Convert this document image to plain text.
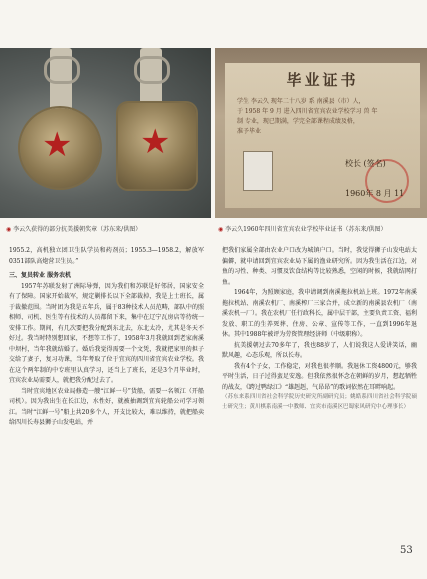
★ ★
毕业证书
学生 李云久 现年二十八岁 系 南溪县（市）人，
于 1958 年 9 月 进入四川省宜宾农业学校学习 兽 年
制 专业，现已期满，学完全部课程成绩及格，
准予毕业
校长 (签名)
1960年 8 月 11
◉ 李云久获得的部分抗美援朝奖章（苏东来/供图）	◉ 李云久1960年四川省宜宾农业学校毕业证书（苏东来/供图）

1955.2，高机独立团卫生队学员和药剂员；1955.3—1958.2，解放军0351部队高炮营卫生员。”

三、复员转业 服务农机

1957年苏联发射了洲际导弹，因为我们和苏联是好邻居，国家安全有了保障。国家开始裁军，规定剿排长以下全部裁掉，我是上士班长，属于裁撤范围。当时团为我是五年兵，属于83种技术人员范畴，部队中的照相师、司机、医生等有技术的人员都留下来，集中在辽宁瓦房店等待统一安排工作。期间，有几次要把我分配到东北去，东北太冷，尤其是冬天不好过。我当时特别想回家，不想等工作了，1958年3月我就回到老家南溪中坝村，当年我就结婚了。婚后我觉得需要一个文凭，我就把家里的担子交给了妻子，复习功课，当年考取了位于宜宾的四川省宜宾农业学校。我在这个两年制的中专班里认真学习，还当上了班长，还是3个月毕业时，宜宾农业局需要人，就把我分配过去了。

当时宜宾地区农业局修造一艘“江鲜一号”货船，需要一名领江（开船司机）。因为我出生在长江边，水性好，就被抽调到宜宾轮船公司学习领江。当时“江鲜一号”船上共20多个人，开支比较大，难以维持，就把船卖给四川长寿县狮子山发电站，并

把我们家属全部由农业户口改为城镇户口。当时，我觉得狮子山发电站太偏僻，就申请回到宜宾农业局下属的渔业研究所。因为我生活在江边，对鱼的习性、种类、习惯及饮食结构等比较熟悉，空闲的时候，我就结网打鱼。

1964年，为照顾家庭，我申请调到南溪拖拉机站上班。1972年南溪拖拉机站、南溪农机厂、南溪榨厂三家合并，成立新的南溪县农机厂（南溪农机一厂）。我在农机厂任行政科长，属中层干部，主要负责工资、福利发放、职工的生养死葬、住房、公章、宣传等工作，一直到1996年退休。其中1988年被评为劳资管理经济师（中级职称）。

抗美援朝过去70多年了，我也88岁了，人们说我这人爱讲笑话，幽默风趣，心态乐观，所以长寿。

我有4个子女，工作稳定，对我也很孝顺。我退休工资4800元，够我平时生活，日子过得蛮足安逸。但我依然很怀念在朝鲜的岁月，想起牺牲的战友，《跨过鸭绿江》“雄赳赳，气昂昂”的歌词依然在耳畔响起。

（苏东来系四川省社会科学院历史研究所副研究员；姚皓系四川省社会科学院硕士研究生；黄川棋系南溪一中教师、宜宾市南溪区巴蜀家风研究中心理事长）

53
